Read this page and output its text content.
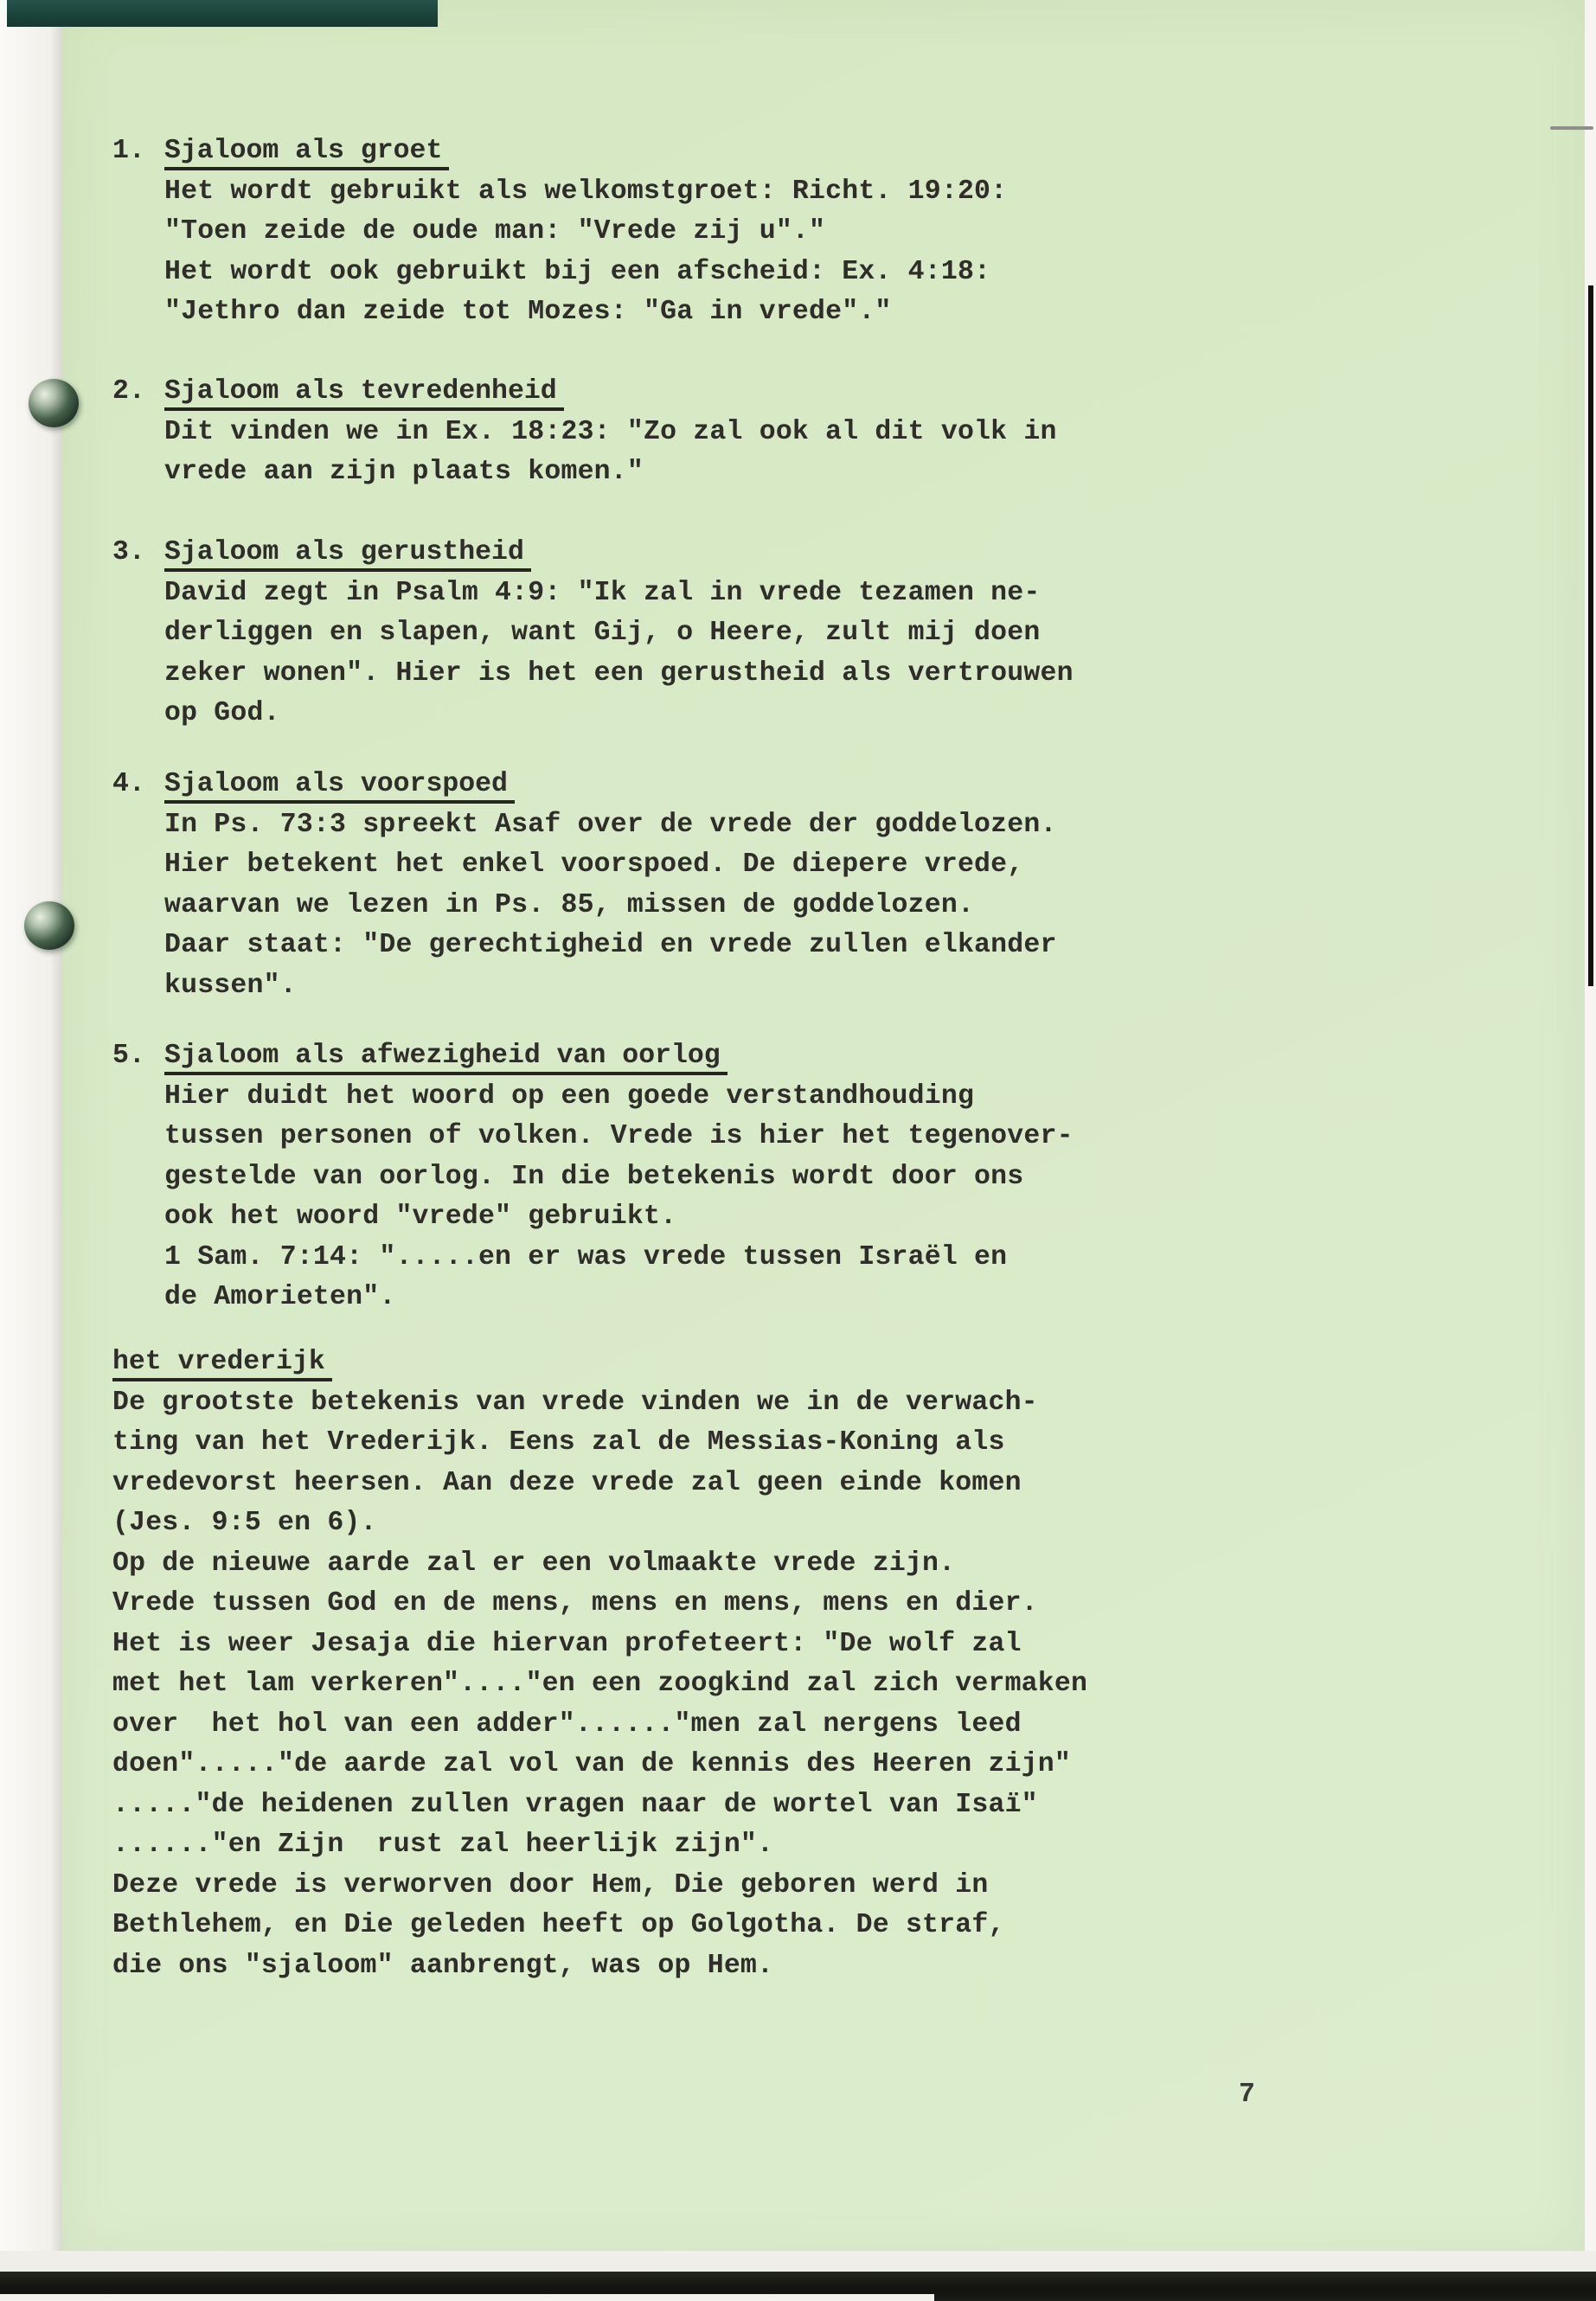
1. Sjaloom als groet
Het wordt gebruikt als welkomstgroet: Richt. 19:20:
"Toen zeide de oude man: "Vrede zij u"."
Het wordt ook gebruikt bij een afscheid: Ex. 4:18:
"Jethro dan zeide tot Mozes: "Ga in vrede"."
2. Sjaloom als tevredenheid
Dit vinden we in Ex. 18:23: "Zo zal ook al dit volk in
vrede aan zijn plaats komen."
3. Sjaloom als gerustheid
David zegt in Psalm 4:9: "Ik zal in vrede tezamen ne-
derliggen en slapen, want Gij, o Heere, zult mij doen
zeker wonen". Hier is het een gerustheid als vertrouwen
op God.
4. Sjaloom als voorspoed
In Ps. 73:3 spreekt Asaf over de vrede der goddelozen.
Hier betekent het enkel voorspoed. De diepere vrede,
waarvan we lezen in Ps. 85, missen de goddelozen.
Daar staat: "De gerechtigheid en vrede zullen elkander
kussen".
5. Sjaloom als afwezigheid van oorlog
Hier duidt het woord op een goede verstandhouding
tussen personen of volken. Vrede is hier het tegenover-
gestelde van oorlog. In die betekenis wordt door ons
ook het woord "vrede" gebruikt.
1 Sam. 7:14: ".....en er was vrede tussen Israël en
de Amorieten".
het vrederijk
De grootste betekenis van vrede vinden we in de verwach-
ting van het Vrederijk. Eens zal de Messias-Koning als
vredevorst heersen. Aan deze vrede zal geen einde komen
(Jes. 9:5 en 6).
Op de nieuwe aarde zal er een volmaakte vrede zijn.
Vrede tussen God en de mens, mens en mens, mens en dier.
Het is weer Jesaja die hiervan profeteert: "De wolf zal
met het lam verkeren"...."en een zoogkind zal zich vermaken
over  het hol van een adder"......"men zal nergens leed
doen"....."de aarde zal vol van de kennis des Heeren zijn"
....."de heidenen zullen vragen naar de wortel van Isaï"
......"en Zijn  rust zal heerlijk zijn".
Deze vrede is verworven door Hem, Die geboren werd in
Bethlehem, en Die geleden heeft op Golgotha. De straf,
die ons "sjaloom" aanbrengt, was op Hem.
7
